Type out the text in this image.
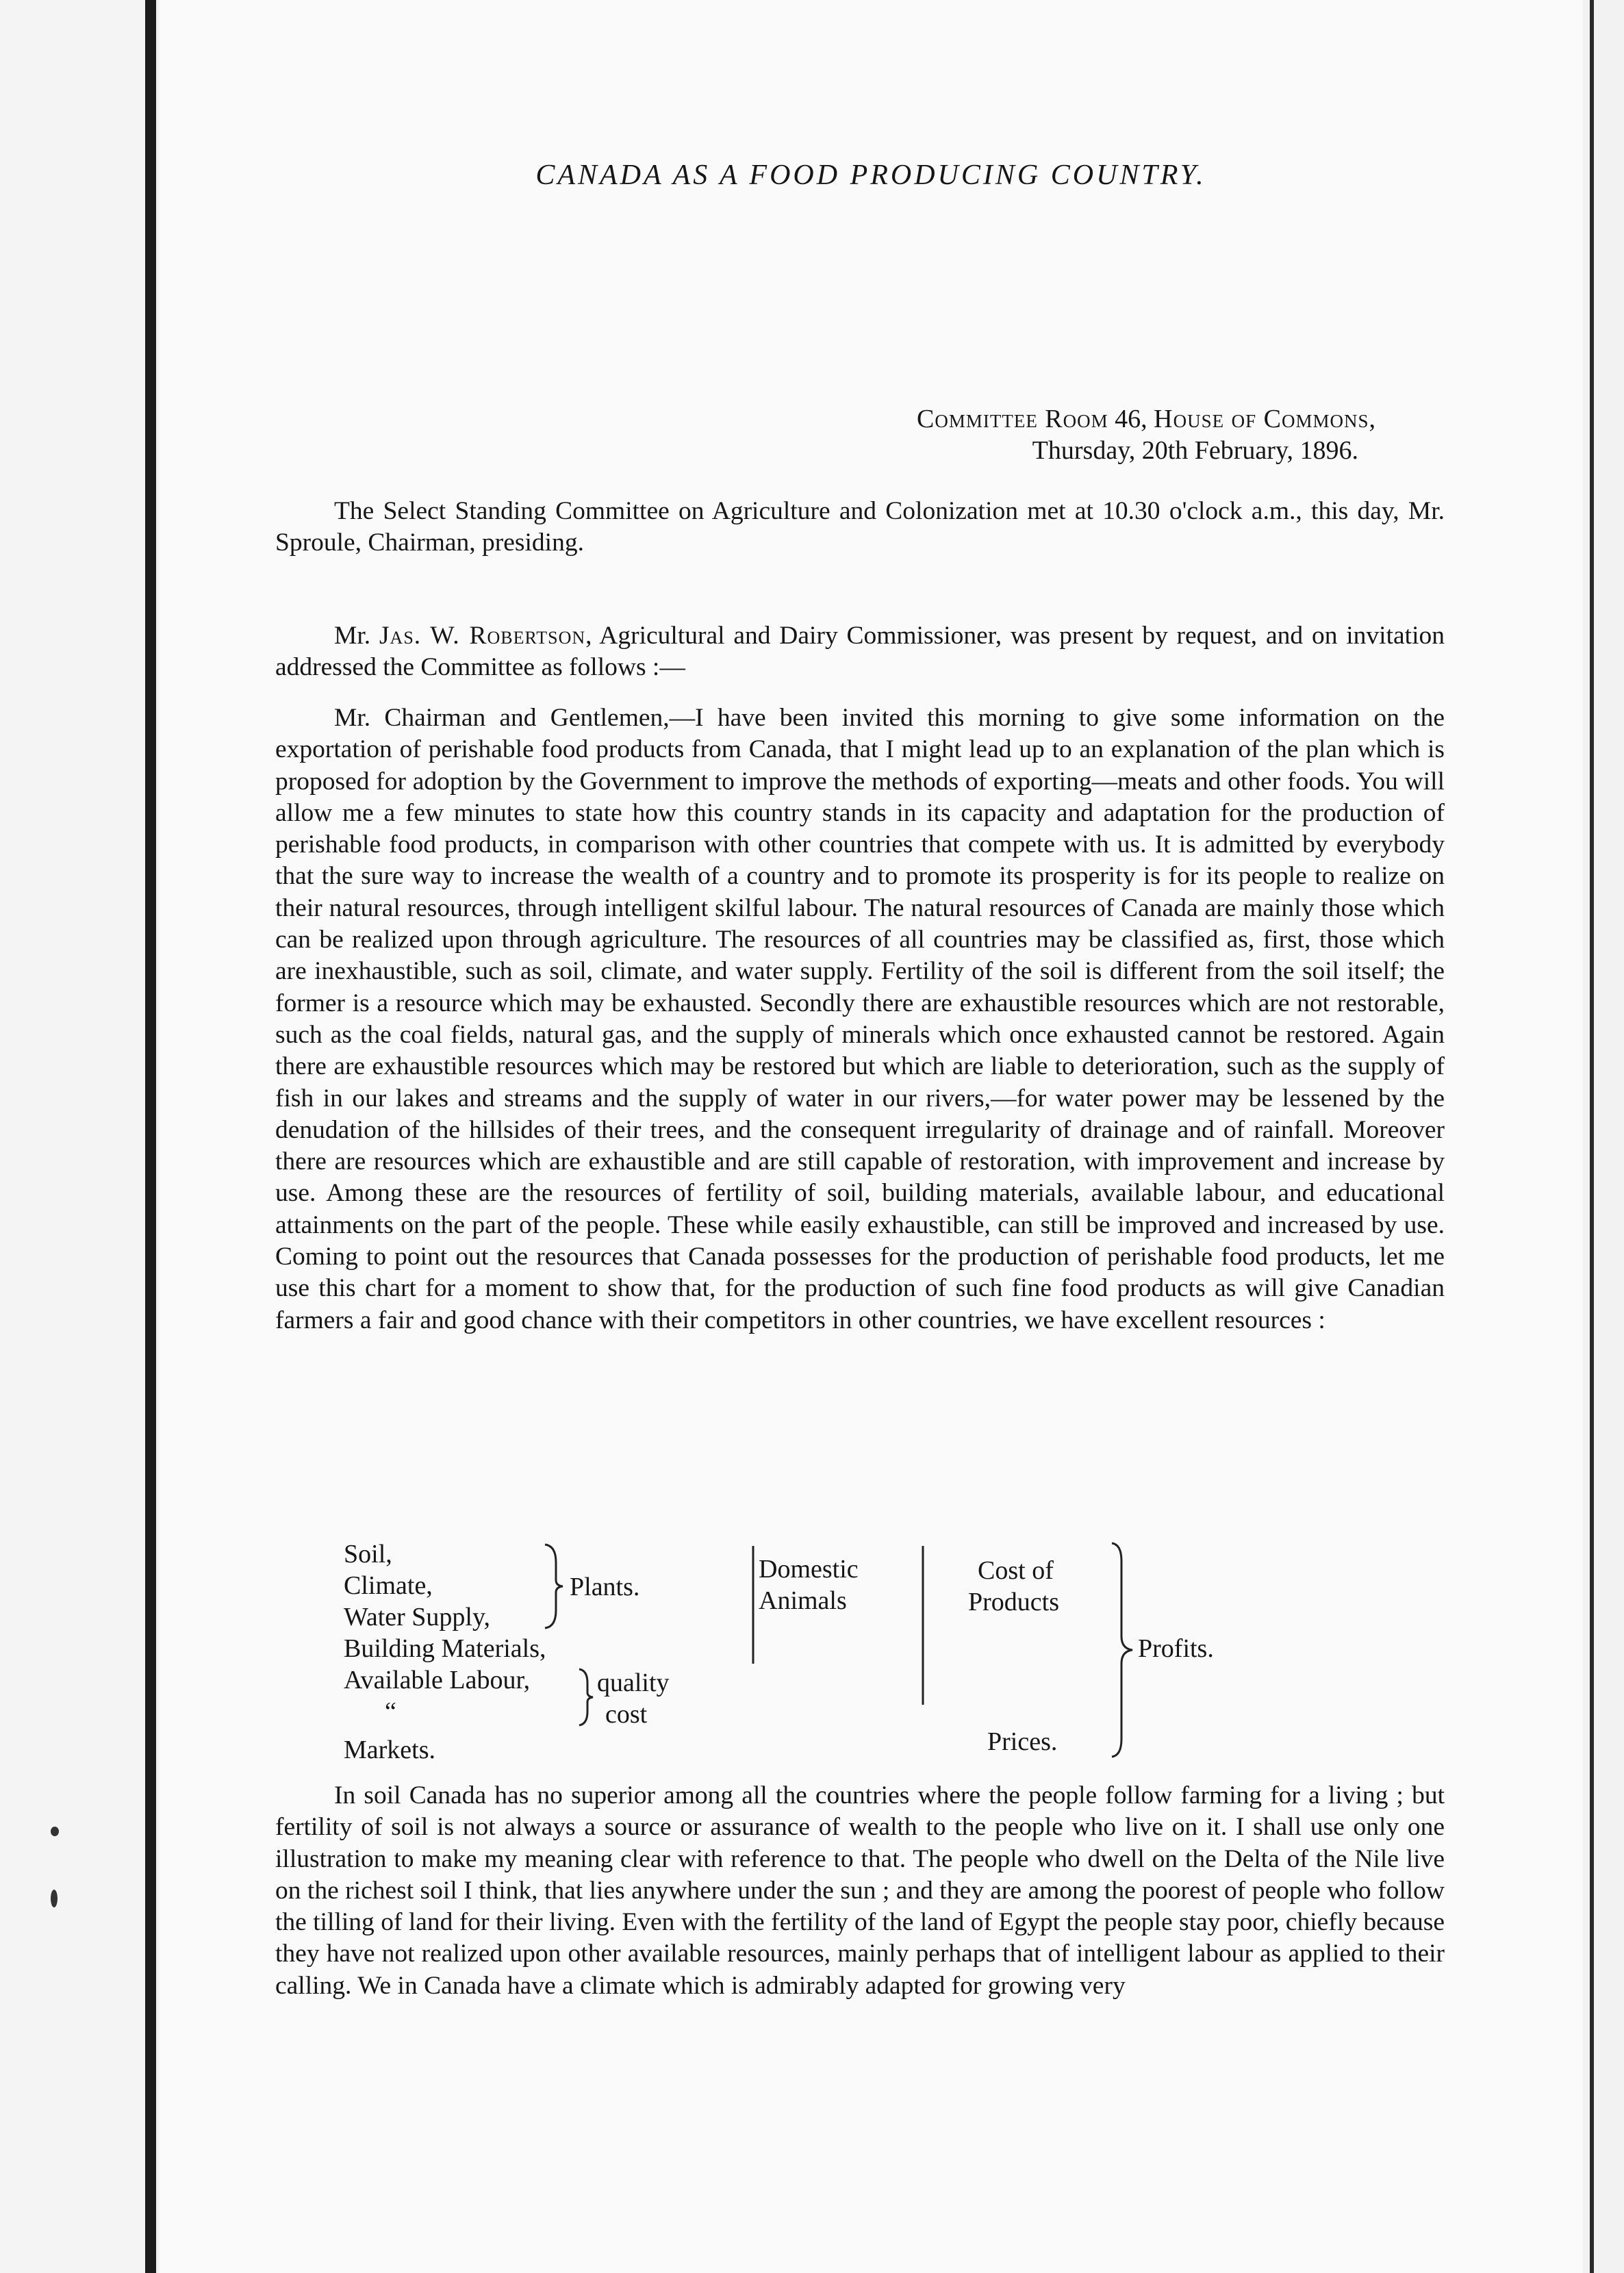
CANADA AS A FOOD PRODUCING COUNTRY.
Committee Room 46, House of Commons,
Thursday, 20th February, 1896.

The Select Standing Committee on Agriculture and Colonization met at 10.30 o'clock a.m., this day, Mr. Sproule, Chairman, presiding.

Mr. Jas. W. Robertson, Agricultural and Dairy Commissioner, was present by request, and on invitation addressed the Committee as follows :—

Mr. Chairman and Gentlemen,—I have been invited this morning to give some information on the exportation of perishable food products from Canada, that I might lead up to an explanation of the plan which is proposed for adoption by the Government to improve the methods of exporting—meats and other foods. You will allow me a few minutes to state how this country stands in its capacity and adaptation for the production of perishable food products, in comparison with other countries that compete with us. It is admitted by everybody that the sure way to increase the wealth of a country and to promote its prosperity is for its people to realize on their natural resources, through intelligent skilful labour. The natural resources of Canada are mainly those which can be realized upon through agriculture. The resources of all countries may be classified as, first, those which are inexhaustible, such as soil, climate, and water supply. Fertility of the soil is different from the soil itself; the former is a resource which may be exhausted. Secondly there are exhaustible resources which are not restorable, such as the coal fields, natural gas, and the supply of minerals which once exhausted cannot be restored. Again there are exhaustible resources which may be restored but which are liable to deterioration, such as the supply of fish in our lakes and streams and the supply of water in our rivers,—for water power may be lessened by the denudation of the hillsides of their trees, and the consequent irregularity of drainage and of rainfall. Moreover there are resources which are exhaustible and are still capable of restoration, with improvement and increase by use. Among these are the resources of fertility of soil, building materials, available labour, and educational attainments on the part of the people. These while easily exhaustible, can still be improved and increased by use. Coming to point out the resources that Canada possesses for the production of perishable food products, let me use this chart for a moment to show that, for the production of such fine food products as will give Canadian farmers a fair and good chance with their competitors in other countries, we have excellent resources :

Soil,
Climate,
Water Supply,
Building Materials,
Available Labour,
“
Markets.
Plants.
quality
cost
Domestic
Animals
Cost of
Products
Prices.
Profits.

In soil Canada has no superior among all the countries where the people follow farming for a living ; but fertility of soil is not always a source or assurance of wealth to the people who live on it. I shall use only one illustration to make my meaning clear with reference to that. The people who dwell on the Delta of the Nile live on the richest soil I think, that lies anywhere under the sun ; and they are among the poorest of people who follow the tilling of land for their living. Even with the fertility of the land of Egypt the people stay poor, chiefly because they have not realized upon other available resources, mainly perhaps that of intelligent labour as applied to their calling. We in Canada have a climate which is admirably adapted for growing very
